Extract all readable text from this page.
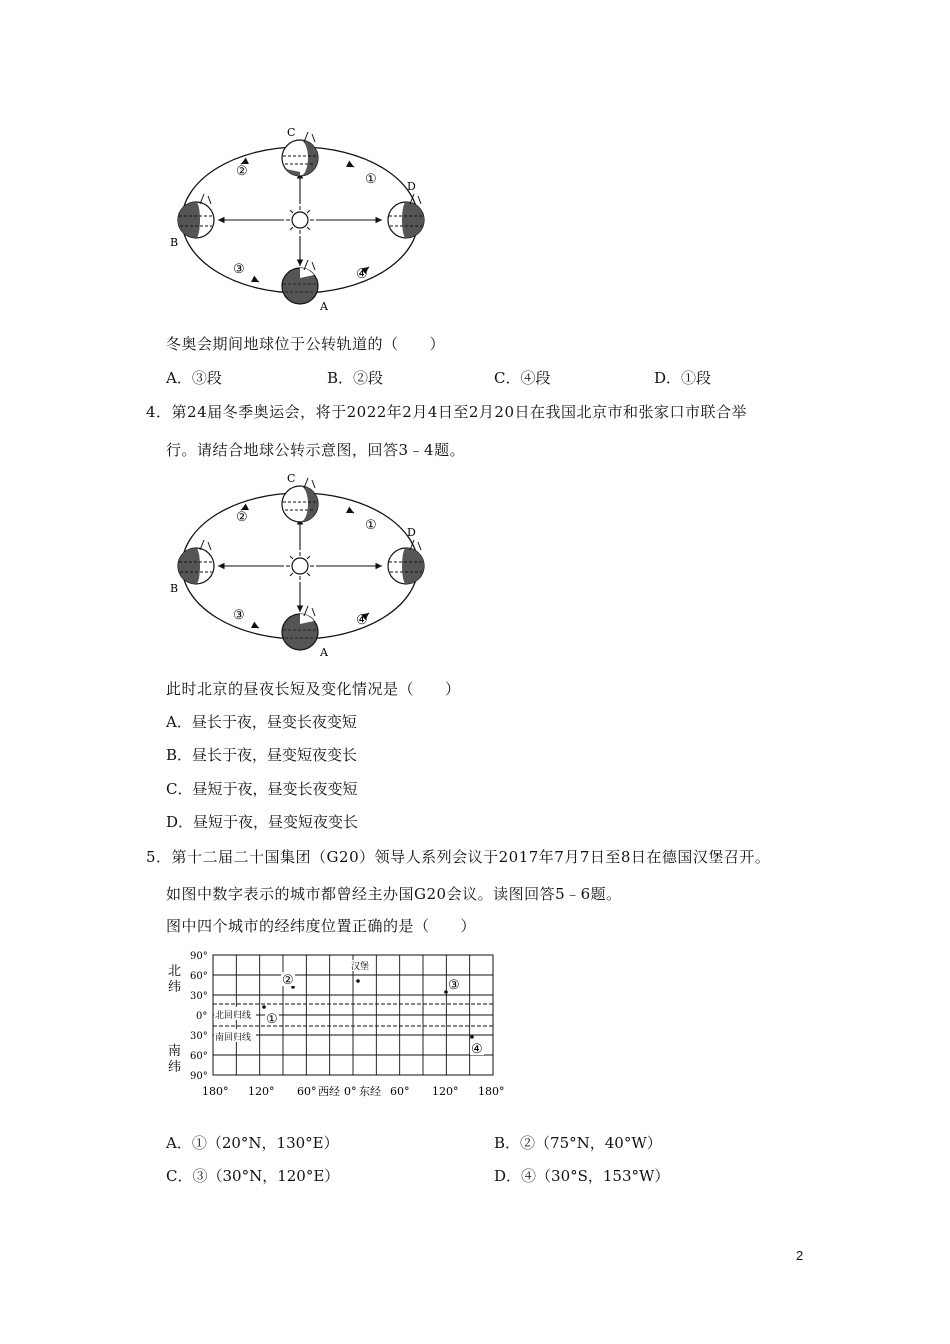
C
D
B
A
①
②
③	④
冬奥会期间地球位于公转轨道的（　　）
A．③段	B．②段	C．④段	D．①段
4．第24届冬季奥运会，将于2022年2月4日至2月20日在我国北京市和张家口市联合举
行。请结合地球公转示意图，回答3﹣4题。
C
D
B
A
①
②
③	④
此时北京的昼夜长短及变化情况是（　　）
A．昼长于夜，昼变长夜变短
B．昼长于夜，昼变短夜变长
C．昼短于夜，昼变长夜变短
D．昼短于夜，昼变短夜变长
5．第十二届二十国集团（G20）领导人系列会议于2017年7月7日至8日在德国汉堡召开。
如图中数字表示的城市都曾经主办国G20会议。读图回答5﹣6题。
图中四个城市的经纬度位置正确的是（　　）
北回归线
南回归线
90°
60°
30°
0°
30°
60°
90°
北
纬
南
纬
180° 120° 60° 西经 0° 东经 60° 120° 180°
汉堡
①
②	③
④
A．①（20°N，130°E）	B．②（75°N，40°W）
C．③（30°N，120°E）	D．④（30°S，153°W）
2
